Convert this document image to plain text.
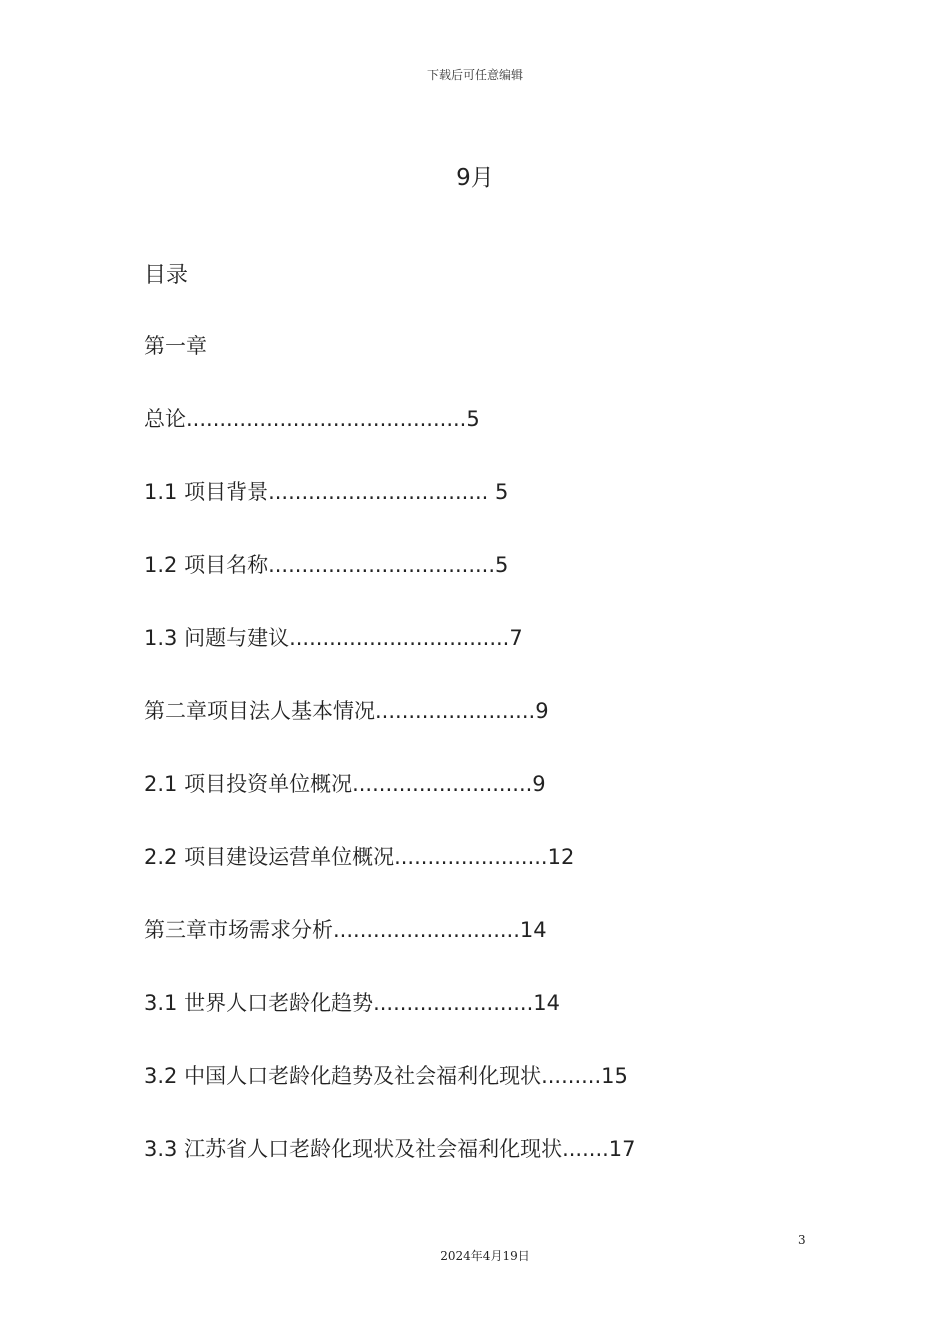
下载后可任意编辑
9月
目录
第一章
总论..........................................5
1.1 项目背景................................. 5
1.2 项目名称..................................5
1.3 问题与建议.................................7
第二章项目法人基本情况........................9
2.1 项目投资单位概况...........................9
2.2 项目建设运营单位概况.......................12
第三章市场需求分析............................14
3.1 世界人口老龄化趋势........................14
3.2 中国人口老龄化趋势及社会福利化现状.........15
3.3 江苏省人口老龄化现状及社会福利化现状.......17
3
2024年4月19日
